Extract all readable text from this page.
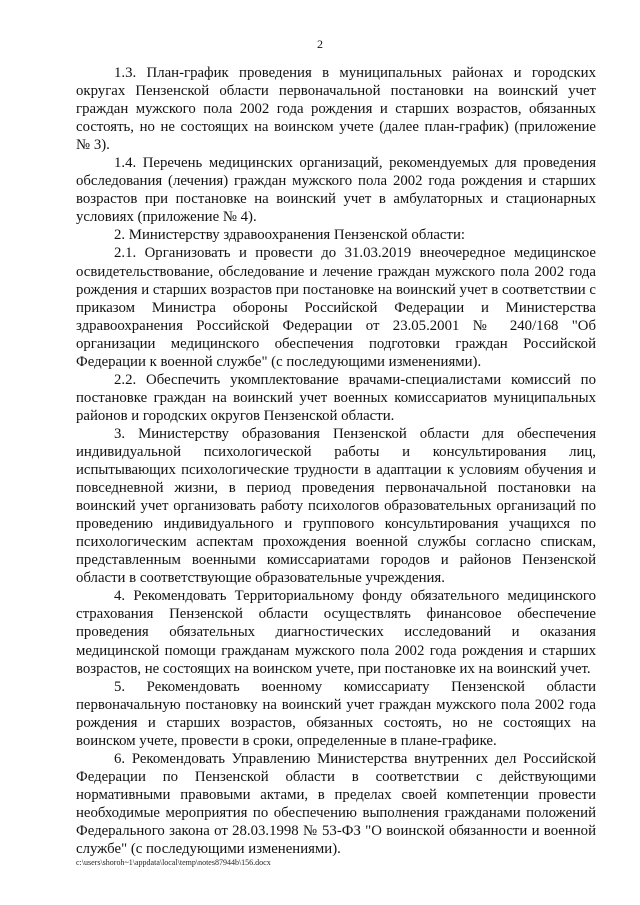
2

1.3. План-график проведения в муниципальных районах и городских округах Пензенской области первоначальной постановки на воинский учет граждан мужского пола 2002 года рождения и старших возрастов, обязанных состоять, но не состоящих на воинском учете (далее план-график) (приложение № 3).

1.4. Перечень медицинских организаций, рекомендуемых для проведения обследования (лечения) граждан мужского пола 2002 года рождения и старших возрастов при постановке на воинский учет в амбулаторных и стационарных условиях (приложение № 4).

2. Министерству здравоохранения Пензенской области:

2.1. Организовать и провести до 31.03.2019 внеочередное медицинское освидетельствование, обследование и лечение граждан мужского пола 2002 года рождения и старших возрастов при постановке на воинский учет в соответствии с приказом Министра обороны Российской Федерации и Министерства здравоохранения Российской Федерации от 23.05.2001 № 240/168 "Об организации медицинского обеспечения подготовки граждан Российской Федерации к военной службе" (с последующими изменениями).

2.2. Обеспечить укомплектование врачами-специалистами комиссий по постановке граждан на воинский учет военных комиссариатов муниципальных районов и городских округов Пензенской области.

3. Министерству образования Пензенской области для обеспечения индивидуальной психологической работы и консультирования лиц, испытывающих психологические трудности в адаптации к условиям обучения и повседневной жизни, в период проведения первоначальной постановки на воинский учет организовать работу психологов образовательных организаций по проведению индивидуального и группового консультирования учащихся по психологическим аспектам прохождения военной службы согласно спискам, представленным военными комиссариатами городов и районов Пензенской области в соответствующие образовательные учреждения.

4. Рекомендовать Территориальному фонду обязательного медицинского страхования Пензенской области осуществлять финансовое обеспечение проведения обязательных диагностических исследований и оказания медицинской помощи гражданам мужского пола 2002 года рождения и старших возрастов, не состоящих на воинском учете, при постановке их на воинский учет.

5. Рекомендовать военному комиссариату Пензенской области первоначальную постановку на воинский учет граждан мужского пола 2002 года рождения и старших возрастов, обязанных состоять, но не состоящих на воинском учете, провести в сроки, определенные в плане-графике.

6. Рекомендовать Управлению Министерства внутренних дел Российской Федерации по Пензенской области в соответствии с действующими нормативными правовыми актами, в пределах своей компетенции провести необходимые мероприятия по обеспечению выполнения гражданами положений Федерального закона от 28.03.1998 № 53-ФЗ "О воинской обязанности и военной службе" (с последующими изменениями).

c:\users\shoroh~1\appdata\local\temp\notes87944b\156.docx
